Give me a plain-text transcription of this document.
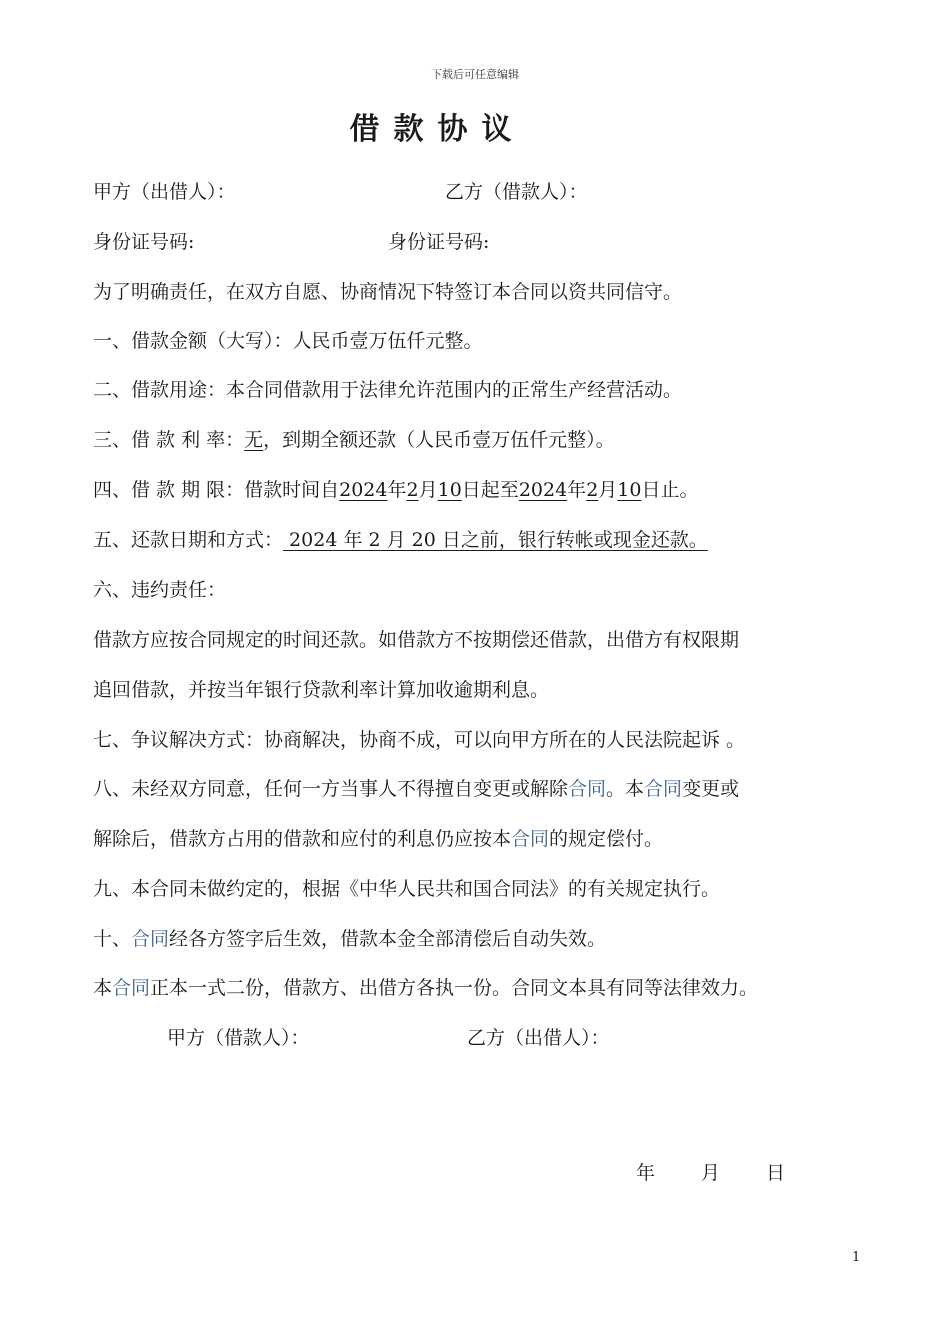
下载后可任意编辑
借款协议
甲方（出借人）：	乙方（借款人）：
身份证号码:	身份证号码:
为了明确责任，在双方自愿、协商情况下特签订本合同以资共同信守。
一、借款金额（大写）：人民币壹万伍仟元整。
二、借款用途：本合同借款用于法律允许范围内的正常生产经营活动。
三、借 款 利 率：无，到期全额还款（人民币壹万伍仟元整）。
四、借 款 期 限：借款时间自2024年2月10日起至2024年2月10日止。
五、还款日期和方式： 2024 年 2 月 20 日之前，银行转帐或现金还款。
六、违约责任：
借款方应按合同规定的时间还款。如借款方不按期偿还借款，出借方有权限期
追回借款，并按当年银行贷款利率计算加收逾期利息。
七、争议解决方式：协商解决，协商不成，可以向甲方所在的人民法院起诉 。
八、未经双方同意，任何一方当事人不得擅自变更或解除合同。本合同变更或
解除后，借款方占用的借款和应付的利息仍应按本合同的规定偿付。
九、本合同未做约定的，根据《中华人民共和国合同法》的有关规定执行。
十、合同经各方签字后生效，借款本金全部清偿后自动失效。
本合同正本一式二份，借款方、出借方各执一份。合同文本具有同等法律效力。
甲方（借款人）：	乙方（出借人）：
年 月 日
1
